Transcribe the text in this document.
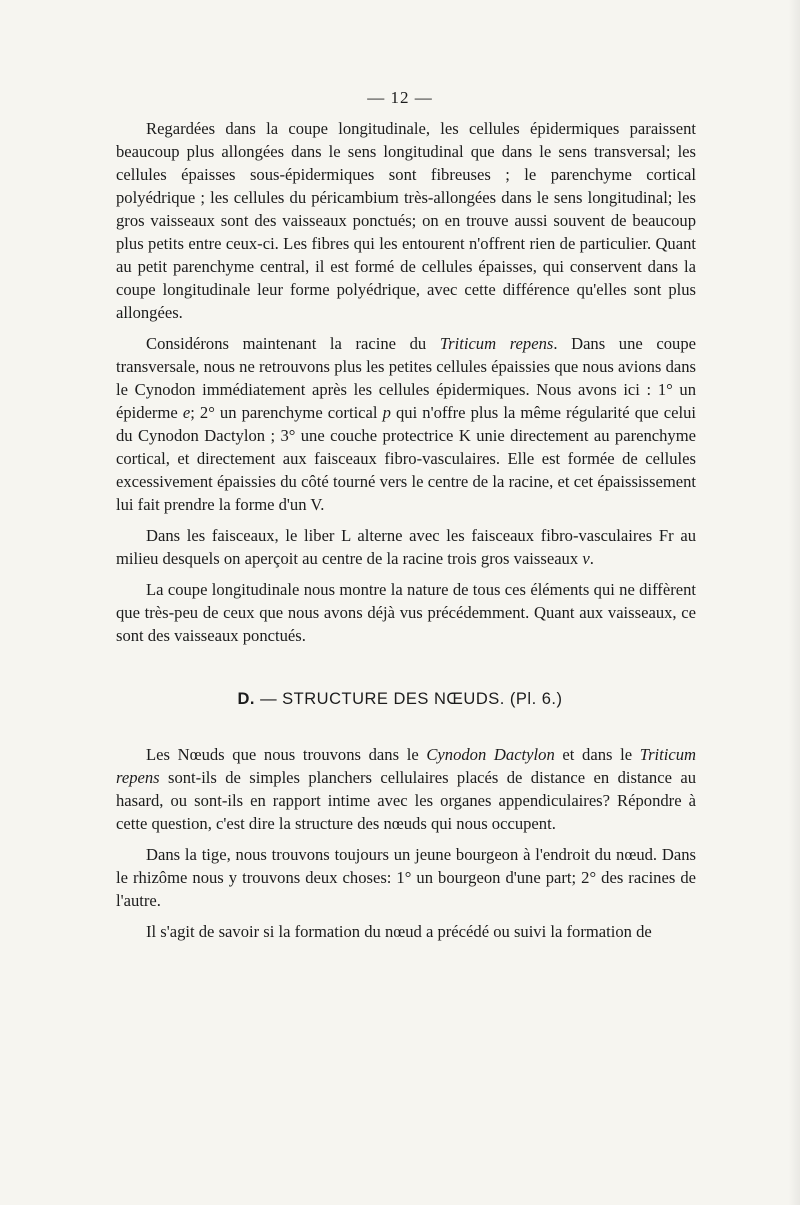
— 12 —

Regardées dans la coupe longitudinale, les cellules épidermiques paraissent beaucoup plus allongées dans le sens longitudinal que dans le sens transversal; les cellules épaisses sous-épidermiques sont fibreuses ; le parenchyme cortical polyédrique ; les cellules du péricambium très-allongées dans le sens longitudinal; les gros vaisseaux sont des vaisseaux ponctués; on en trouve aussi souvent de beaucoup plus petits entre ceux-ci. Les fibres qui les entourent n'offrent rien de particulier. Quant au petit parenchyme central, il est formé de cellules épaisses, qui conservent dans la coupe longitudinale leur forme polyédrique, avec cette différence qu'elles sont plus allongées.

Considérons maintenant la racine du Triticum repens. Dans une coupe transversale, nous ne retrouvons plus les petites cellules épaissies que nous avions dans le Cynodon immédiatement après les cellules épidermiques. Nous avons ici : 1° un épiderme e; 2° un parenchyme cortical p qui n'offre plus la même régularité que celui du Cynodon Dactylon ; 3° une couche protectrice K unie directement au parenchyme cortical, et directement aux faisceaux fibro-vasculaires. Elle est formée de cellules excessivement épaissies du côté tourné vers le centre de la racine, et cet épaississement lui fait prendre la forme d'un V.

Dans les faisceaux, le liber L alterne avec les faisceaux fibro-vasculaires Fr au milieu desquels on aperçoit au centre de la racine trois gros vaisseaux v.

La coupe longitudinale nous montre la nature de tous ces éléments qui ne diffèrent que très-peu de ceux que nous avons déjà vus précédemment. Quant aux vaisseaux, ce sont des vaisseaux ponctués.

D. — STRUCTURE DES NŒUDS. (Pl. 6.)

Les Nœuds que nous trouvons dans le Cynodon Dactylon et dans le Triticum repens sont-ils de simples planchers cellulaires placés de distance en distance au hasard, ou sont-ils en rapport intime avec les organes appendiculaires? Répondre à cette question, c'est dire la structure des nœuds qui nous occupent.

Dans la tige, nous trouvons toujours un jeune bourgeon à l'endroit du nœud. Dans le rhizôme nous y trouvons deux choses: 1° un bourgeon d'une part; 2° des racines de l'autre.

Il s'agit de savoir si la formation du nœud a précédé ou suivi la formation de
